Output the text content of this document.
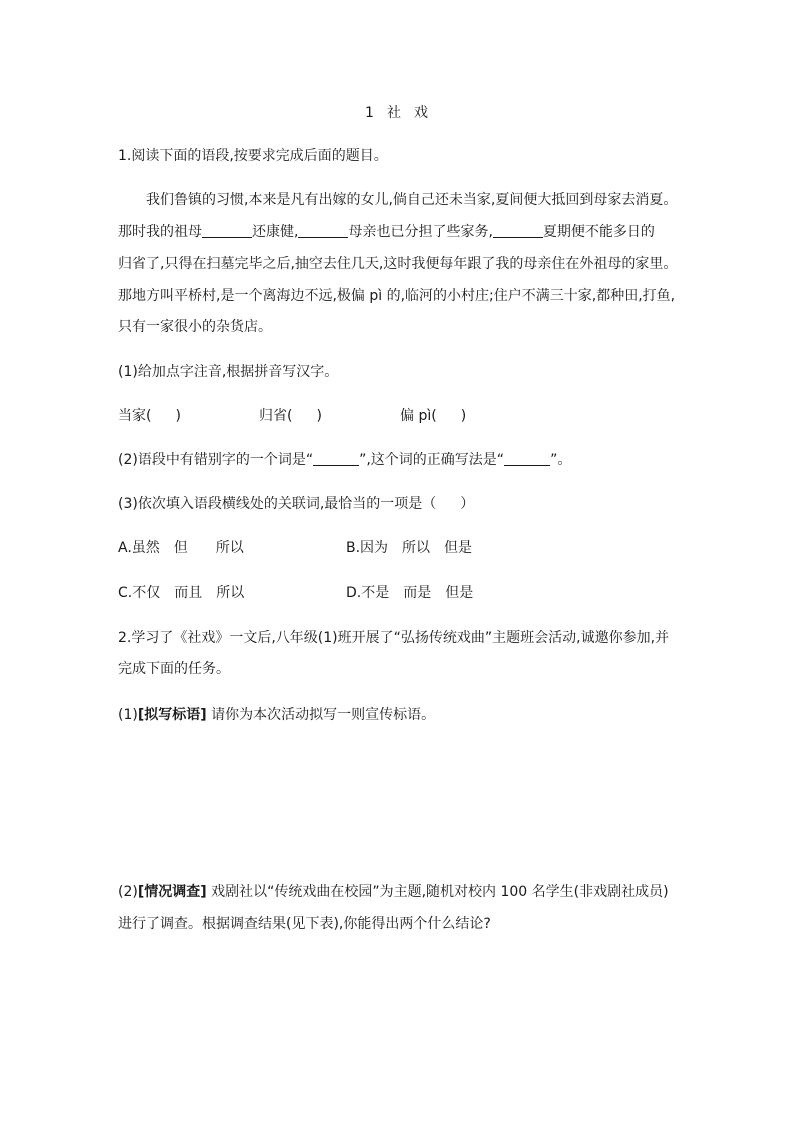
1 社 戏
1.阅读下面的语段,按要求完成后面的题目。
我们鲁镇的习惯,本来是凡有出嫁的女儿,倘自己还未当家,夏间便大抵回到母家去消夏。
那时我的祖母	还康健,	母亲也已分担了些家务,	夏期便不能多日的
归省了,只得在扫墓完毕之后,抽空去住几天,这时我便每年跟了我的母亲住在外祖母的家里。
那地方叫平桥村,是一个离海边不远,极偏 pì 的,临河的小村庄;住户不满三十家,都种田,打鱼,
只有一家很小的杂货店。
(1)给加点字注音,根据拼音写汉字。
当家( )	归省( )	偏 pì( )
(2)语段中有错别字的一个词是“	”,这个词的正确写法是“	”。
(3)依次填入语段横线处的关联词,最恰当的一项是（ ）
A.虽然　但　　所以	B.因为　所以　但是
C.不仅　而且　所以	D.不是　而是　但是
2.学习了《社戏》一文后,八年级(1)班开展了“弘扬传统戏曲”主题班会活动,诚邀你参加,并
完成下面的任务。
(1)[拟写标语] 请你为本次活动拟写一则宣传标语。
(2)[情况调查] 戏剧社以“传统戏曲在校园”为主题,随机对校内 100 名学生(非戏剧社成员)
进行了调查。根据调查结果(见下表),你能得出两个什么结论?
